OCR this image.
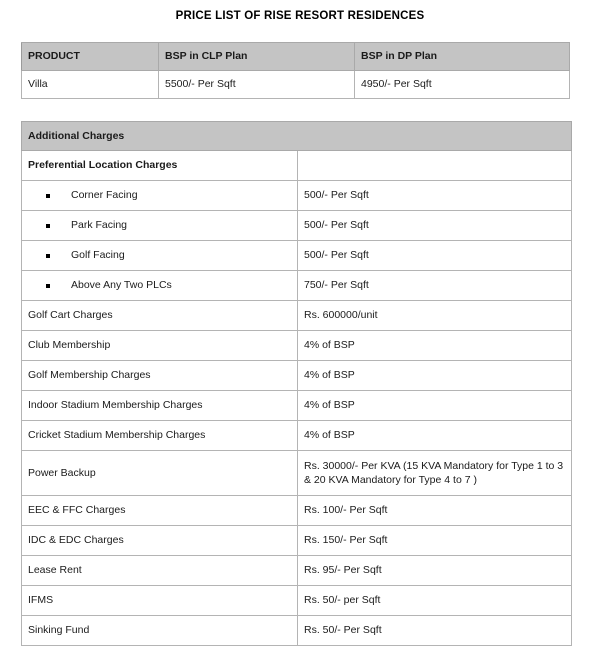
PRICE LIST OF RISE RESORT RESIDENCES
PRODUCT	BSP in CLP Plan	BSP in DP Plan
Villa	5500/- Per Sqft	4950/- Per Sqft
Additional Charges	
Preferential Location Charges	

Corner Facing	500/- Per Sqft

Park Facing	500/- Per Sqft

Golf Facing	500/- Per Sqft

Above Any Two PLCs	750/- Per Sqft
Golf Cart Charges	Rs. 600000/unit
Club Membership	4% of BSP
Golf Membership Charges	4% of BSP
Indoor Stadium Membership Charges	4% of BSP
Cricket Stadium Membership Charges	4% of BSP
Power Backup	Rs. 30000/- Per KVA (15 KVA Mandatory for Type 1 to 3 & 20 KVA Mandatory for Type 4 to 7 )

EEC & FFC Charges	Rs. 100/- Per Sqft
IDC & EDC Charges	Rs. 150/- Per Sqft
Lease Rent	Rs. 95/- Per Sqft
IFMS	Rs. 50/- per Sqft
Sinking Fund	Rs. 50/- Per Sqft
